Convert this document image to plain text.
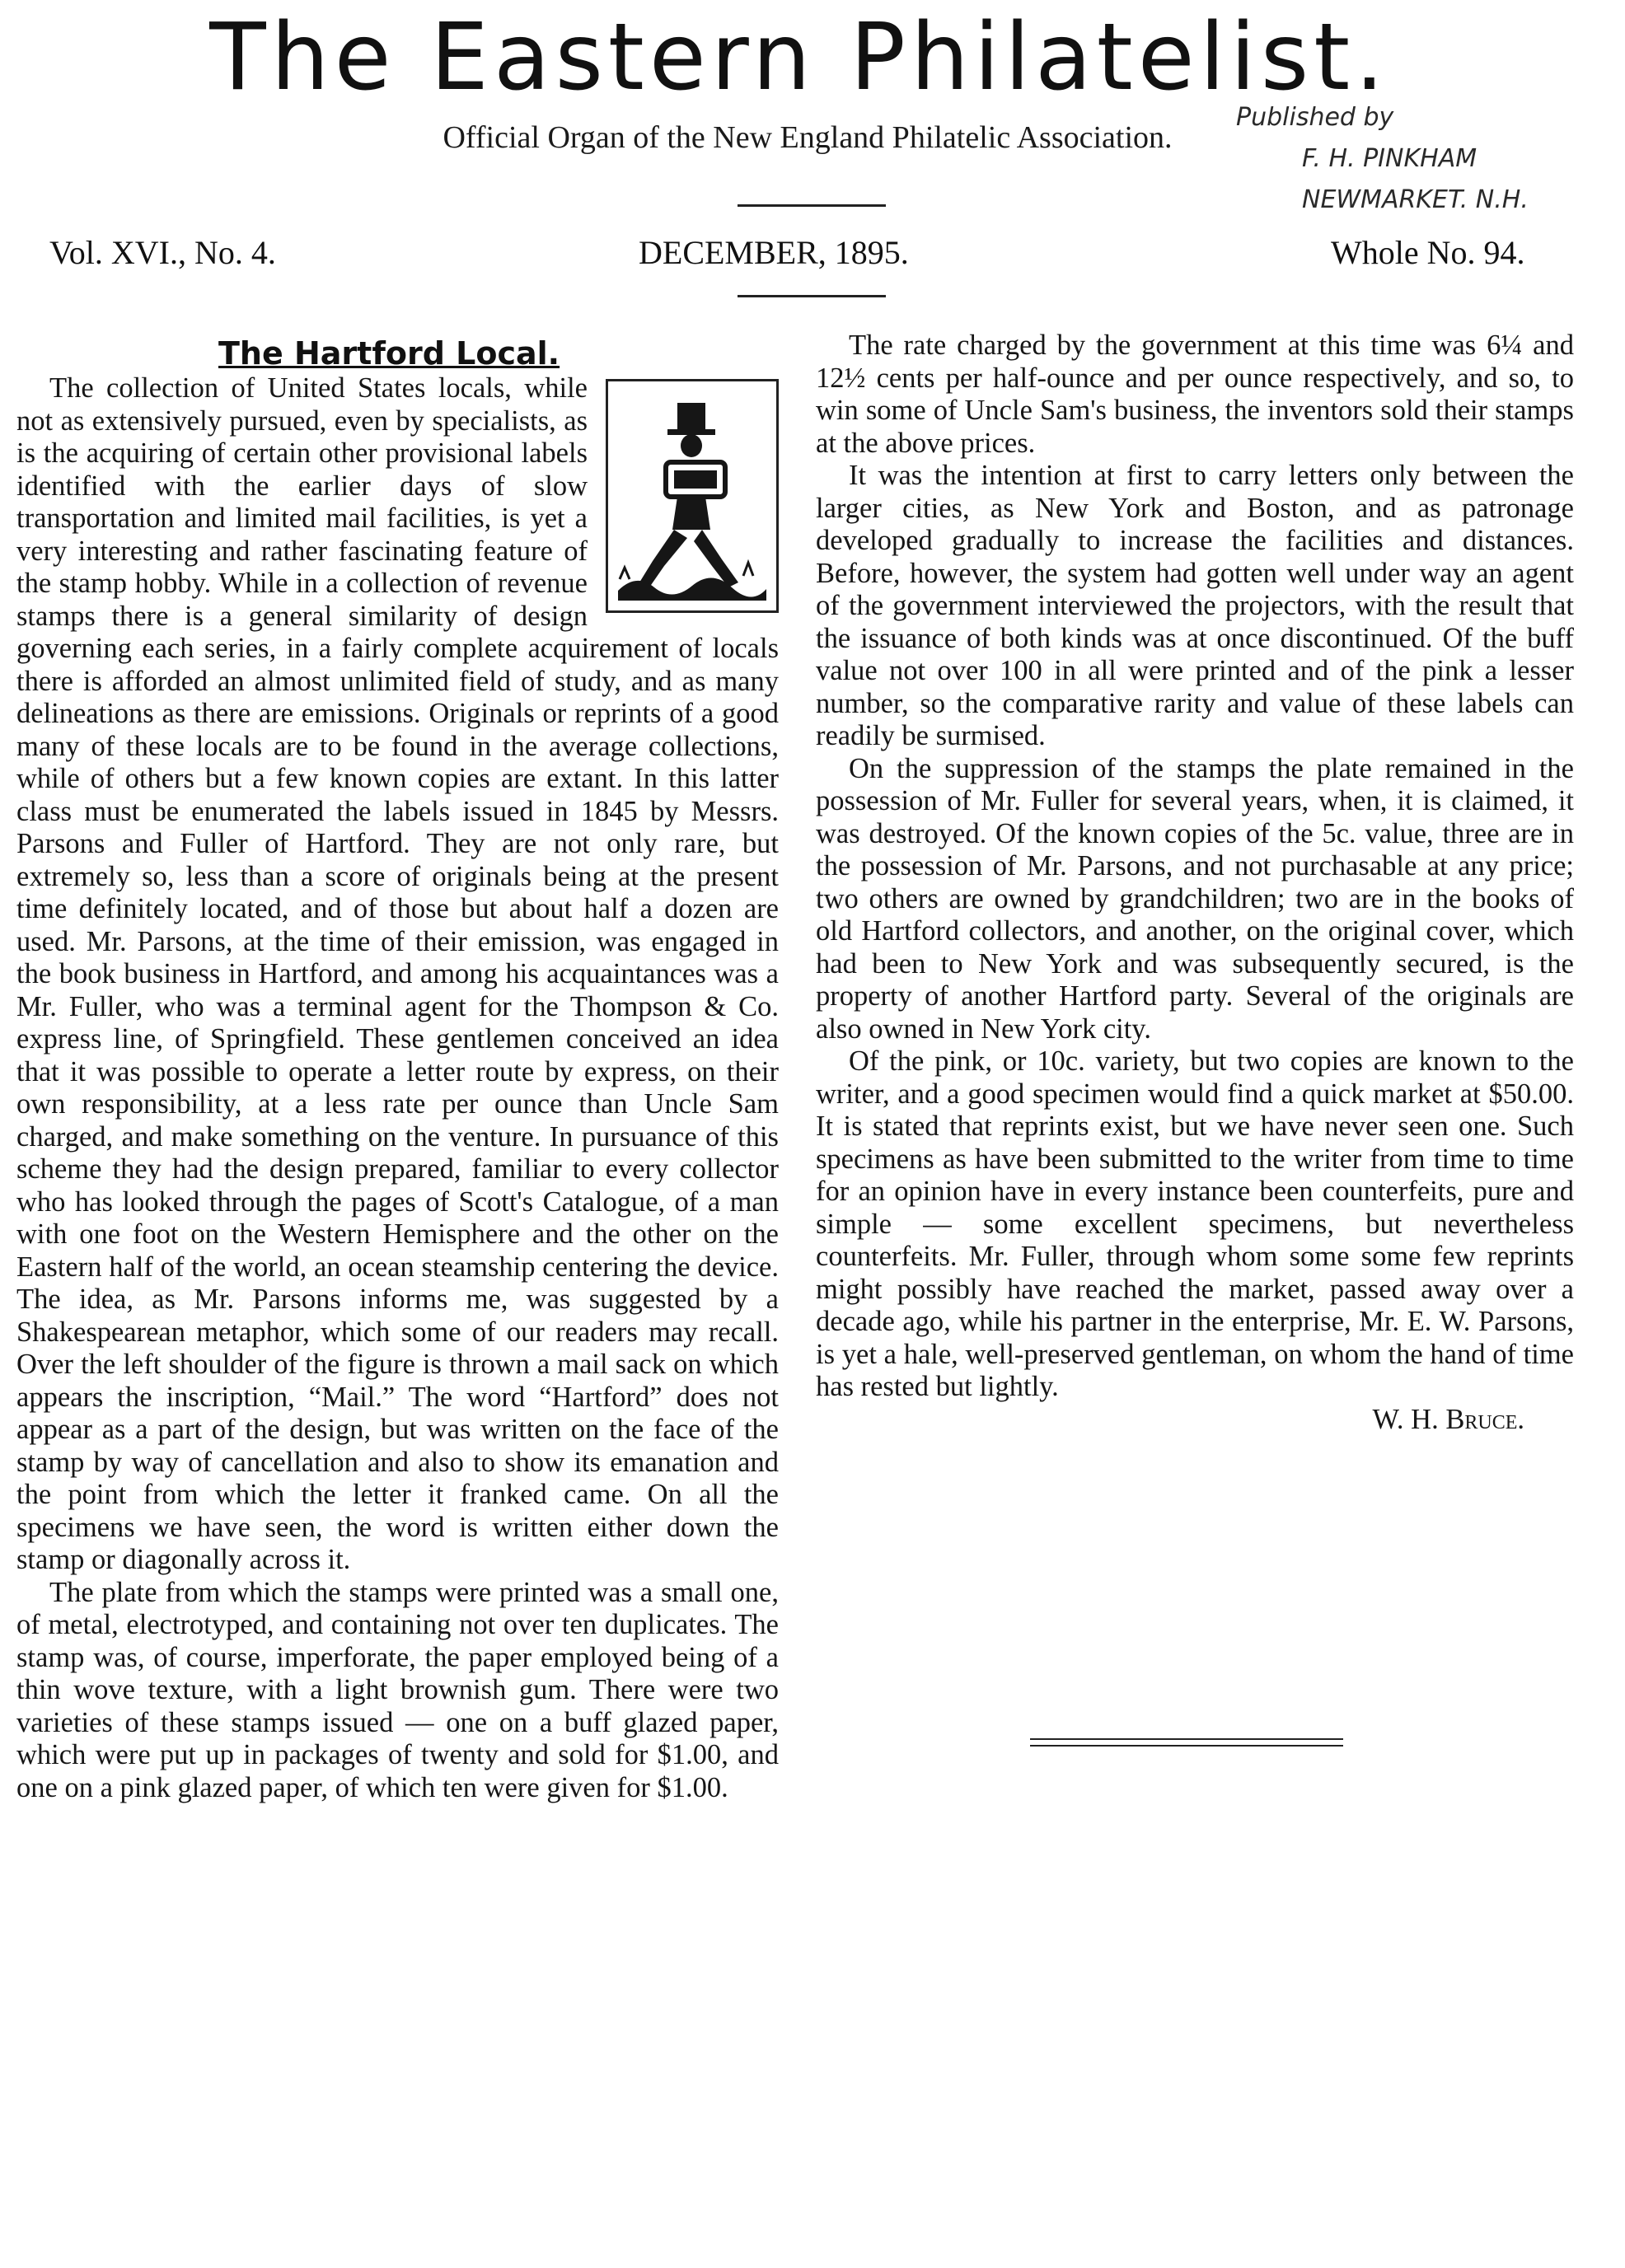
The Eastern Philatelist.
Official Organ of the New England Philatelic Association.
Published by
F. H. PINKHAM
NEWMARKET. N.H.
Vol. XVI., No. 4.	DECEMBER, 1895.	Whole No. 94.
The Hartford Local.

The collection of United States locals, while not as extensively pursued, even by specialists, as is the acquiring of certain other provisional labels identified with the earlier days of slow transportation and limited mail facilities, is yet a very interesting and rather fascinating feature of the stamp hobby. While in a collection of revenue stamps there is a general similarity of design governing each series, in a fairly complete acquirement of locals there is afforded an almost unlimited field of study, and as many delineations as there are emissions. Originals or reprints of a good many of these locals are to be found in the average collections, while of others but a few known copies are extant. In this latter class must be enumerated the labels issued in 1845 by Messrs. Parsons and Fuller of Hartford. They are not only rare, but extremely so, less than a score of originals being at the present time definitely located, and of those but about half a dozen are used. Mr. Parsons, at the time of their emission, was engaged in the book business in Hartford, and among his acquaintances was a Mr. Fuller, who was a terminal agent for the Thompson & Co. express line, of Springfield. These gentlemen conceived an idea that it was possible to operate a letter route by express, on their own responsibility, at a less rate per ounce than Uncle Sam charged, and make something on the venture. In pursuance of this scheme they had the design prepared, familiar to every collector who has looked through the pages of Scott's Catalogue, of a man with one foot on the Western Hemisphere and the other on the Eastern half of the world, an ocean steamship centering the device. The idea, as Mr. Parsons informs me, was suggested by a Shakespearean metaphor, which some of our readers may recall. Over the left shoulder of the figure is thrown a mail sack on which appears the inscription, “Mail.” The word “Hartford” does not appear as a part of the design, but was written on the face of the stamp by way of cancellation and also to show its emanation and the point from which the letter it franked came. On all the specimens we have seen, the word is written either down the stamp or diagonally across it.

The plate from which the stamps were printed was a small one, of metal, electrotyped, and containing not over ten duplicates. The stamp was, of course, imperforate, the paper employed being of a thin wove texture, with a light brownish gum. There were two varieties of these stamps issued — one on a buff glazed paper, which were put up in packages of twenty and sold for $1.00, and one on a pink glazed paper, of which ten were given for $1.00.

The rate charged by the government at this time was 6¼ and 12½ cents per half-ounce and per ounce respectively, and so, to win some of Uncle Sam's business, the inventors sold their stamps at the above prices.

It was the intention at first to carry letters only between the larger cities, as New York and Boston, and as patronage developed gradually to increase the facilities and distances. Before, however, the system had gotten well under way an agent of the government interviewed the projectors, with the result that the issuance of both kinds was at once discontinued. Of the buff value not over 100 in all were printed and of the pink a lesser number, so the comparative rarity and value of these labels can readily be surmised.

On the suppression of the stamps the plate remained in the possession of Mr. Fuller for several years, when, it is claimed, it was destroyed. Of the known copies of the 5c. value, three are in the possession of Mr. Parsons, and not purchasable at any price; two others are owned by grandchildren; two are in the books of old Hartford collectors, and another, on the original cover, which had been to New York and was subsequently secured, is the property of another Hartford party. Several of the originals are also owned in New York city.

Of the pink, or 10c. variety, but two copies are known to the writer, and a good specimen would find a quick market at $50.00. It is stated that reprints exist, but we have never seen one. Such specimens as have been submitted to the writer from time to time for an opinion have in every instance been counterfeits, pure and simple — some excellent specimens, but nevertheless counterfeits. Mr. Fuller, through whom some some few reprints might possibly have reached the market, passed away over a decade ago, while his partner in the enterprise, Mr. E. W. Parsons, is yet a hale, well-preserved gentleman, on whom the hand of time has rested but lightly.

W. H. Bruce.
